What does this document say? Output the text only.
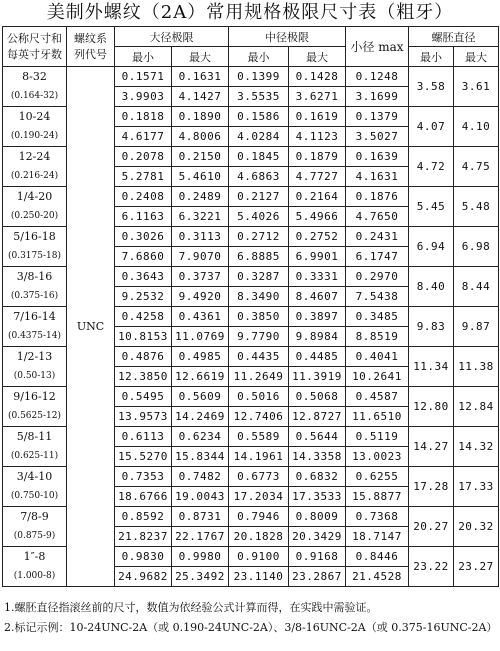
美制外螺纹（2A）常用规格极限尺寸表（粗牙）
公称尺寸和
每英寸牙数	螺纹系
列代号	大径极限		中径极限		小径 max	螺胚直径	
		最小	最大	最小	最大		最小	最大
8-32	UNC	0.1571	0.1631	0.1399	0.1428	0.1248	3.58	3.61
(0.164-32)		3.9903	4.1427	3.5535	3.6271	3.1699		
10-24		0.1818	0.1890	0.1586	0.1619	0.1379	4.07	4.10
(0.190-24)		4.6177	4.8006	4.0284	4.1123	3.5027		
12-24		0.2078	0.2150	0.1845	0.1879	0.1639	4.72	4.75
(0.216-24)		5.2781	5.4610	4.6863	4.7727	4.1631		
1/4-20		0.2408	0.2489	0.2127	0.2164	0.1876	5.45	5.48
(0.250-20)		6.1163	6.3221	5.4026	5.4966	4.7650		
5/16-18		0.3026	0.3113	0.2712	0.2752	0.2431	6.94	6.98
(0.3175-18)		7.6860	7.9070	6.8885	6.9901	6.1747		
3/8-16		0.3643	0.3737	0.3287	0.3331	0.2970	8.40	8.44
(0.375-16)		9.2532	9.4920	8.3490	8.4607	7.5438		
7/16-14		0.4258	0.4361	0.3850	0.3897	0.3485	9.83	9.87
(0.4375-14)		10.8153	11.0769	9.7790	9.8984	8.8519		
1/2-13		0.4876	0.4985	0.4435	0.4485	0.4041	11.34	11.38
(0.50-13)		12.3850	12.6619	11.2649	11.3919	10.2641		
9/16-12		0.5495	0.5609	0.5016	0.5068	0.4587	12.80	12.84
(0.5625-12)		13.9573	14.2469	12.7406	12.8727	11.6510		
5/8-11		0.6113	0.6234	0.5589	0.5644	0.5119	14.27	14.32
(0.625-11)		15.5270	15.8344	14.1961	14.3358	13.0023		
3/4-10		0.7353	0.7482	0.6773	0.6832	0.6255	17.28	17.33
(0.750-10)		18.6766	19.0043	17.2034	17.3533	15.8877		
7/8-9		0.8592	0.8731	0.7946	0.8009	0.7368	20.27	20.32
(0.875-9)		21.8237	22.1767	20.1828	20.3429	18.7147		
1″-8		0.9830	0.9980	0.9100	0.9168	0.8446	23.22	23.27
(1.000-8)		24.9682	25.3492	23.1140	23.2867	21.4528		
1.螺胚直径指滚丝前的尺寸，数值为依经验公式计算而得，在实践中需验证。
2.标记示例：10-24UNC-2A（或 0.190-24UNC-2A）、3/8-16UNC-2A（或 0.375-16UNC-2A）
